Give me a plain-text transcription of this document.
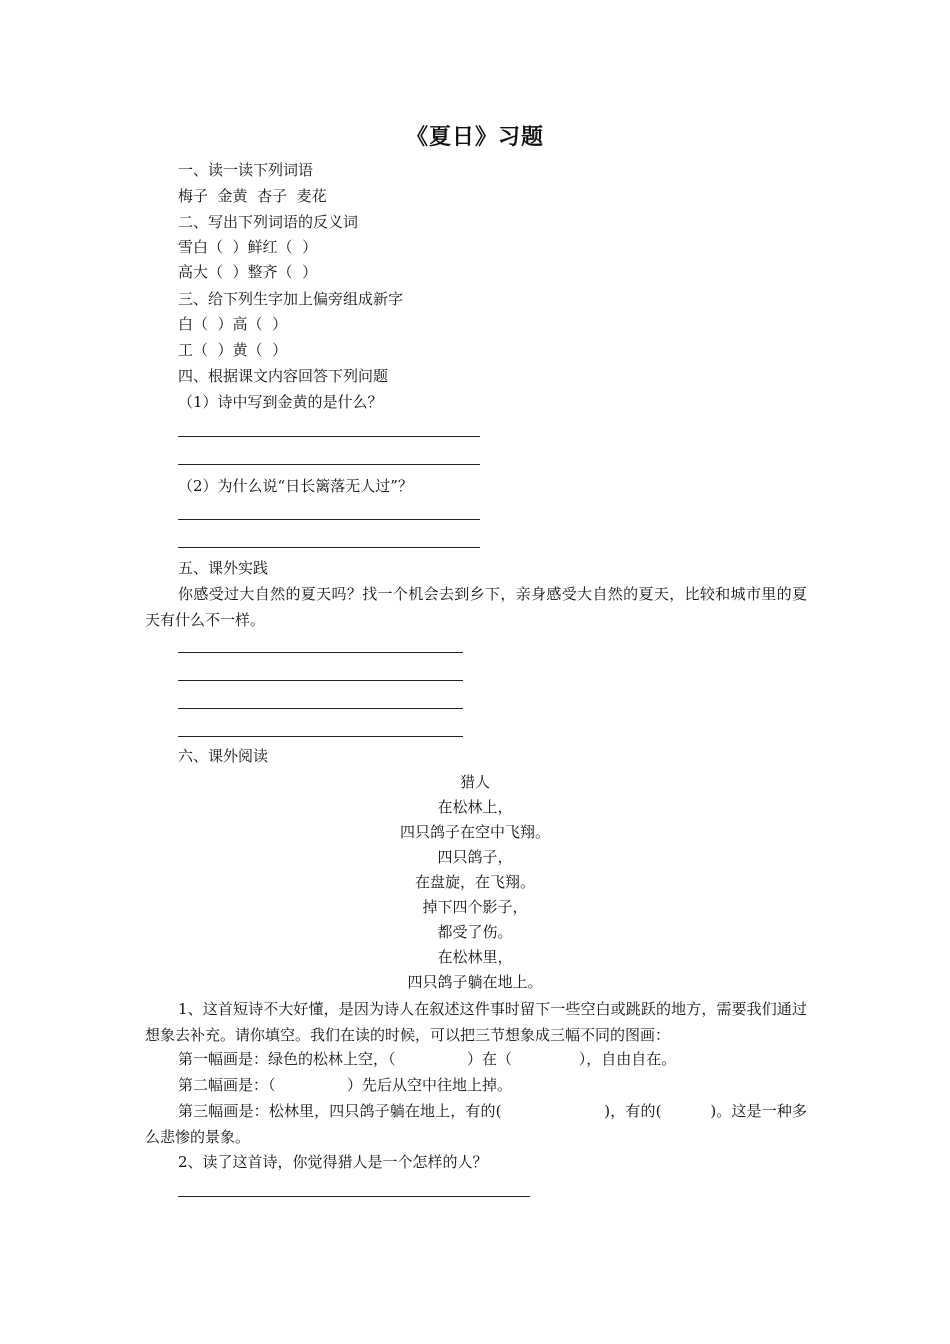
《夏日》习题
一、读一读下列词语
梅子  金黄  杏子  麦花
二、写出下列词语的反义词
雪白（  ）鲜红（  ）
高大（  ）整齐（  ）
三、给下列生字加上偏旁组成新字
白（  ）高（  ）
工（  ）黄（  ）
四、根据课文内容回答下列问题
（1）诗中写到金黄的是什么？
（2）为什么说“日长篱落无人过”？
五、课外实践
你感受过大自然的夏天吗？找一个机会去到乡下，亲身感受大自然的夏天，比较和城市里的夏天有什么不一样。
六、课外阅读
猎人
在松林上，
四只鸽子在空中飞翔。
四只鸽子，
在盘旋，在飞翔。
掉下四个影子，
都受了伤。
在松林里，
四只鸽子躺在地上。
1、这首短诗不大好懂，是因为诗人在叙述这件事时留下一些空白或跳跃的地方，需要我们通过想象去补充。请你填空。我们在读的时候，可以把三节想象成三幅不同的图画：
第一幅画是：绿色的松林上空，（               ）在（              ），自由自在。
第二幅画是：（               ）先后从空中往地上掉。
第三幅画是：松林里，四只鸽子躺在地上，有的(                     )，有的(          )。这是一种多么悲惨的景象。
2、读了这首诗，你觉得猎人是一个怎样的人？
